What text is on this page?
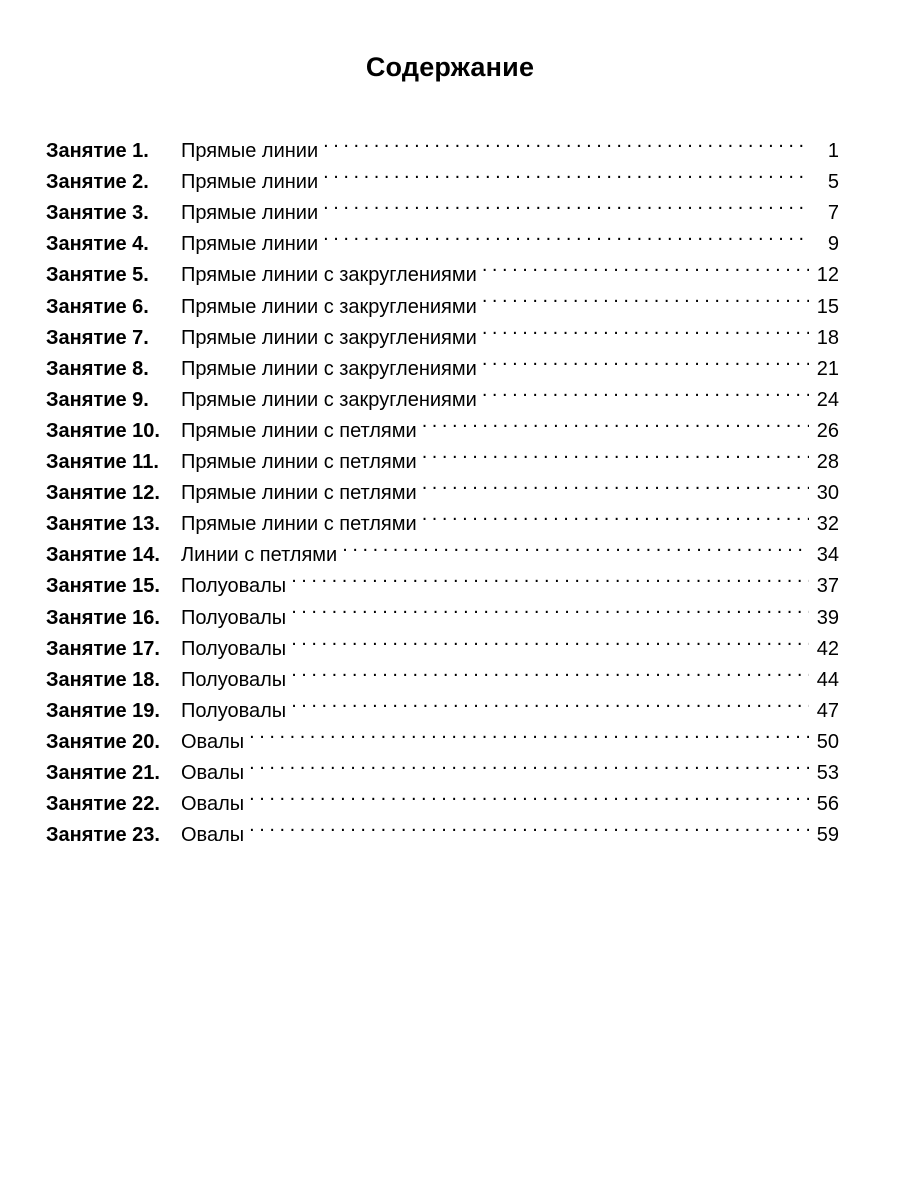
Содержание
Занятие 1.	Прямые линии . . .	1
Занятие 2.	Прямые линии . . .	5
Занятие 3.	Прямые линии . . .	7
Занятие 4.	Прямые линии . . .	9
Занятие 5.	Прямые линии с закруглениями . . .	12
Занятие 6.	Прямые линии с закруглениями . . .	15
Занятие 7.	Прямые линии с закруглениями . . .	18
Занятие 8.	Прямые линии с закруглениями . . .	21
Занятие 9.	Прямые линии с закруглениями . . .	24
Занятие 10.	Прямые линии с петлями . . .	26
Занятие 11.	Прямые линии с петлями . . .	28
Занятие 12.	Прямые линии с петлями . . .	30
Занятие 13.	Прямые линии с петлями . . .	32
Занятие 14.	Линии с петлями . . .	34
Занятие 15.	Полуовалы . . .	37
Занятие 16.	Полуовалы . . .	39
Занятие 17.	Полуовалы . . .	42
Занятие 18.	Полуовалы . . .	44
Занятие 19.	Полуовалы . . .	47
Занятие 20.	Овалы . . .	50
Занятие 21.	Овалы . . .	53
Занятие 22.	Овалы . . .	56
Занятие 23.	Овалы . . .	59
